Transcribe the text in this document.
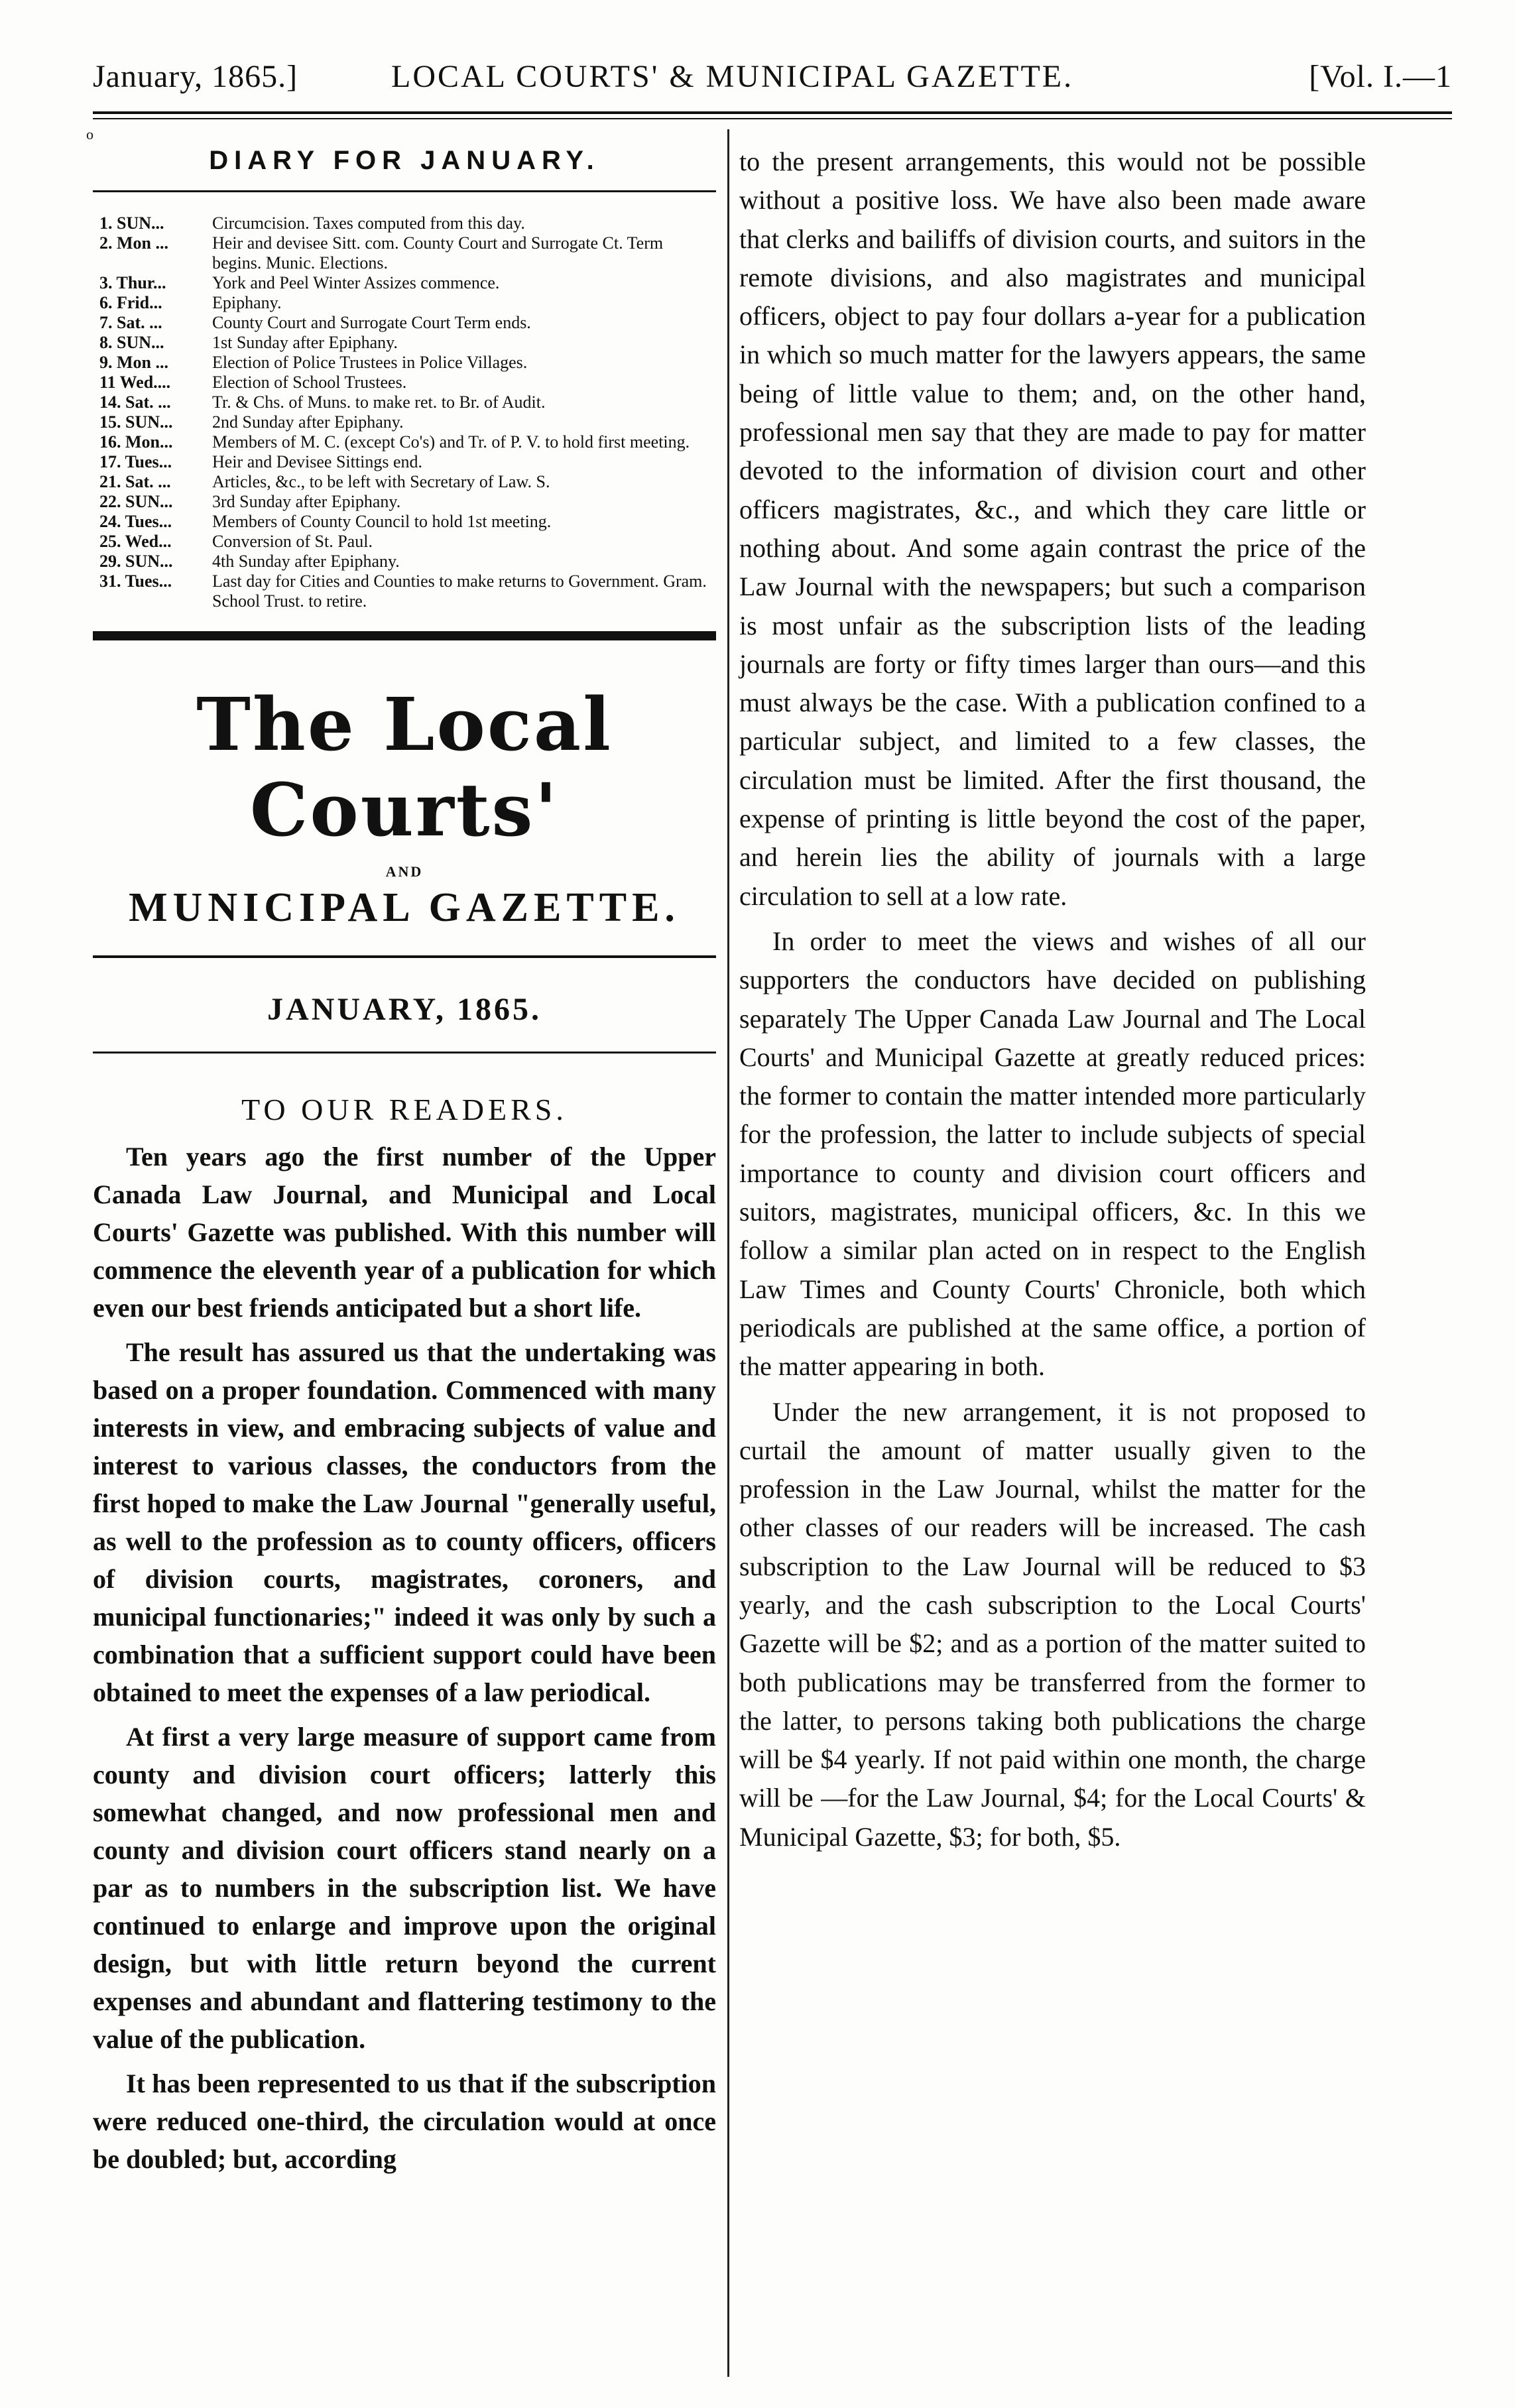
January, 1865.]	LOCAL COURTS' & MUNICIPAL GAZETTE.	[Vol. I.—1
o
DIARY FOR JANUARY.
1. SUN...	Circumcision. Taxes computed from this day.
2. Mon ...	Heir and devisee Sitt. com. County Court and Surrogate Ct. Term begins. Munic. Elections.
3. Thur...	York and Peel Winter Assizes commence.
6. Frid...	Epiphany.
7. Sat. ...	County Court and Surrogate Court Term ends.
8. SUN...	1st Sunday after Epiphany.
9. Mon ...	Election of Police Trustees in Police Villages.
11 Wed....	Election of School Trustees.
14. Sat. ...	Tr. & Chs. of Muns. to make ret. to Br. of Audit.
15. SUN...	2nd Sunday after Epiphany.
16. Mon...	Members of M. C. (except Co's) and Tr. of P. V. to hold first meeting.
17. Tues...	Heir and Devisee Sittings end.
21. Sat. ...	Articles, &c., to be left with Secretary of Law. S.
22. SUN...	3rd Sunday after Epiphany.
24. Tues...	Members of County Council to hold 1st meeting.
25. Wed...	Conversion of St. Paul.
29. SUN...	4th Sunday after Epiphany.
31. Tues...	Last day for Cities and Counties to make returns to Government. Gram. School Trust. to retire.
The Local Courts'
AND
MUNICIPAL GAZETTE.
JANUARY, 1865.
TO OUR READERS.

Ten years ago the first number of the Upper Canada Law Journal, and Municipal and Local Courts' Gazette was published. With this number will commence the eleventh year of a publication for which even our best friends anticipated but a short life.

The result has assured us that the undertaking was based on a proper foundation. Commenced with many interests in view, and embracing subjects of value and interest to various classes, the conductors from the first hoped to make the Law Journal "generally useful, as well to the profession as to county officers, officers of division courts, magistrates, coroners, and municipal functionaries;" indeed it was only by such a combination that a sufficient support could have been obtained to meet the expenses of a law periodical.

At first a very large measure of support came from county and division court officers; latterly this somewhat changed, and now professional men and county and division court officers stand nearly on a par as to numbers in the subscription list. We have continued to enlarge and improve upon the original design, but with little return beyond the current expenses and abundant and flattering testimony to the value of the publication.

It has been represented to us that if the subscription were reduced one-third, the circulation would at once be doubled; but, according

to the present arrangements, this would not be possible without a positive loss. We have also been made aware that clerks and bailiffs of division courts, and suitors in the remote divisions, and also magistrates and municipal officers, object to pay four dollars a-year for a publication in which so much matter for the lawyers appears, the same being of little value to them; and, on the other hand, professional men say that they are made to pay for matter devoted to the information of division court and other officers magistrates, &c., and which they care little or nothing about. And some again contrast the price of the Law Journal with the newspapers; but such a comparison is most unfair as the subscription lists of the leading journals are forty or fifty times larger than ours—and this must always be the case. With a publication confined to a particular subject, and limited to a few classes, the circulation must be limited. After the first thousand, the expense of printing is little beyond the cost of the paper, and herein lies the ability of journals with a large circulation to sell at a low rate.

In order to meet the views and wishes of all our supporters the conductors have decided on publishing separately The Upper Canada Law Journal and The Local Courts' and Municipal Gazette at greatly reduced prices: the former to contain the matter intended more particularly for the profession, the latter to include subjects of special importance to county and division court officers and suitors, magistrates, municipal officers, &c. In this we follow a similar plan acted on in respect to the English Law Times and County Courts' Chronicle, both which periodicals are published at the same office, a portion of the matter appearing in both.

Under the new arrangement, it is not proposed to curtail the amount of matter usually given to the profession in the Law Journal, whilst the matter for the other classes of our readers will be increased. The cash subscription to the Law Journal will be reduced to $3 yearly, and the cash subscription to the Local Courts' Gazette will be $2; and as a portion of the matter suited to both publications may be transferred from the former to the latter, to persons taking both publications the charge will be $4 yearly. If not paid within one month, the charge will be —for the Law Journal, $4; for the Local Courts' & Municipal Gazette, $3; for both, $5.
